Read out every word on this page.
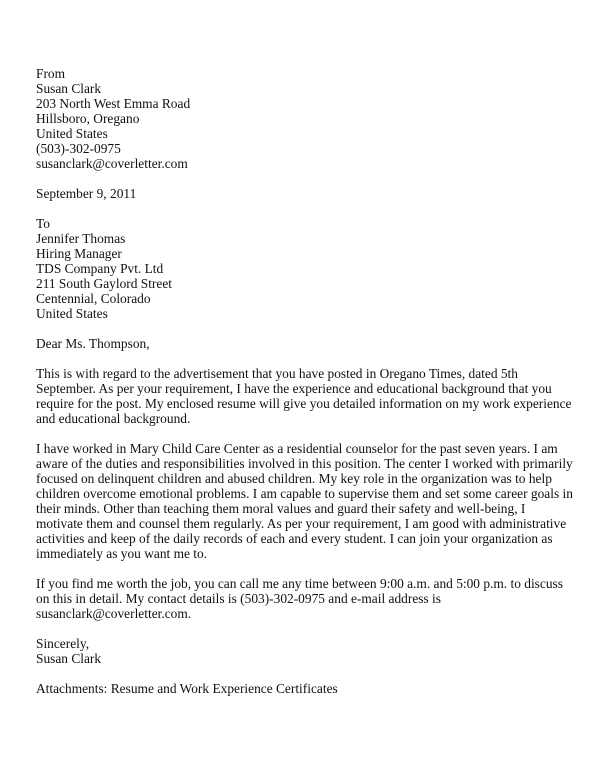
From
Susan Clark
203 North West Emma Road
Hillsboro, Oregano
United States
(503)-302-0975
susanclark@coverletter.com
September 9, 2011
To
Jennifer Thomas
Hiring Manager
TDS Company Pvt. Ltd
211 South Gaylord Street
Centennial, Colorado
United States
Dear Ms. Thompson,
This is with regard to the advertisement that you have posted in Oregano Times, dated 5th
September. As per your requirement, I have the experience and educational background that you
require for the post. My enclosed resume will give you detailed information on my work experience
and educational background.
I have worked in Mary Child Care Center as a residential counselor for the past seven years. I am
aware of the duties and responsibilities involved in this position. The center I worked with primarily
focused on delinquent children and abused children. My key role in the organization was to help
children overcome emotional problems. I am capable to supervise them and set some career goals in
their minds. Other than teaching them moral values and guard their safety and well-being, I
motivate them and counsel them regularly. As per your requirement, I am good with administrative
activities and keep of the daily records of each and every student. I can join your organization as
immediately as you want me to.
If you find me worth the job, you can call me any time between 9:00 a.m. and 5:00 p.m. to discuss
on this in detail. My contact details is (503)-302-0975 and e-mail address is
susanclark@coverletter.com.
Sincerely,
Susan Clark
Attachments: Resume and Work Experience Certificates
